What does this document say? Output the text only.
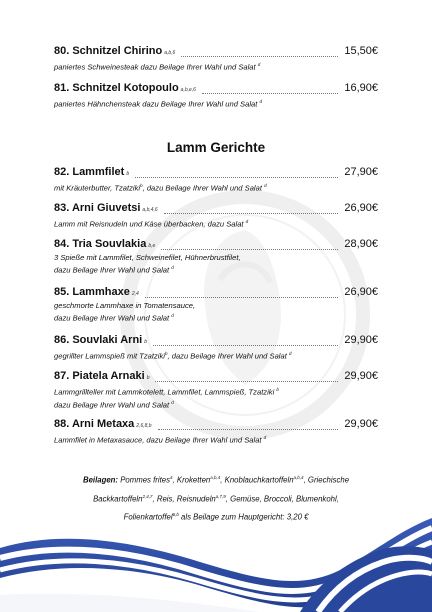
80. Schnitzel Chirino a,b,6	15,50€
paniertes Schweinesteak dazu Beilage Ihrer Wahl und Salat $^d$
81. Schnitzel Kotopoulo a,b,e,6	16,90€
paniertes Hähnchensteak dazu Beilage Ihrer Wahl und Salat $^d$
Lamm Gerichte
82. Lammfilet b	27,90€
mit Kräuterbutter, Tzatziki$^b$, dazu Beilage Ihrer Wahl und Salat $^d$
83. Arni Giuvetsi a,b,4,6	26,90€
Lamm mit Reisnudeln und Käse überbacken, dazu Salat $^d$
84. Tria Souvlakia b,e	28,90€
3 Spieße mit Lammfilet, Schweinefilet, Hühnerbrustfilet,
dazu Beilage Ihrer Wahl und Salat $^d$
85. Lammhaxe 2,4	26,90€
geschmorte Lammhaxe in Tomatensauce,
dazu Beilage Ihrer Wahl und Salat $^d$
86. Souvlaki Arni b	29,90€
gegrillter Lammspieß mit Tzatziki$^b$, dazu Beilage Ihrer Wahl und Salat $^d$
87. Piatela Arnaki b	29,90€
Lammgrillteller mit Lammkotelett, Lammfilet, Lammspieß, Tzatziki $^b$
dazu Beilage Ihrer Wahl und Salat $^d$
88. Arni Metaxa 2,6,8,b	29,90€
Lammfilet in Metaxasauce, dazu Beilage Ihrer Wahl und Salat $^d$
Beilagen: Pommes frites$^4$, Kroketten$^{a,b,4}$, Knoblauchkartoffeln$^{a,b,4}$, Griechische
Backkartoffeln$^{2,4,7}$, Reis, Reisnudeln$^{a,7,9}$, Gemüse, Broccoli, Blumenkohl,
Folienkartoffel$^{6,b}$ als Beilage zum Hauptgericht: 3,20 €
